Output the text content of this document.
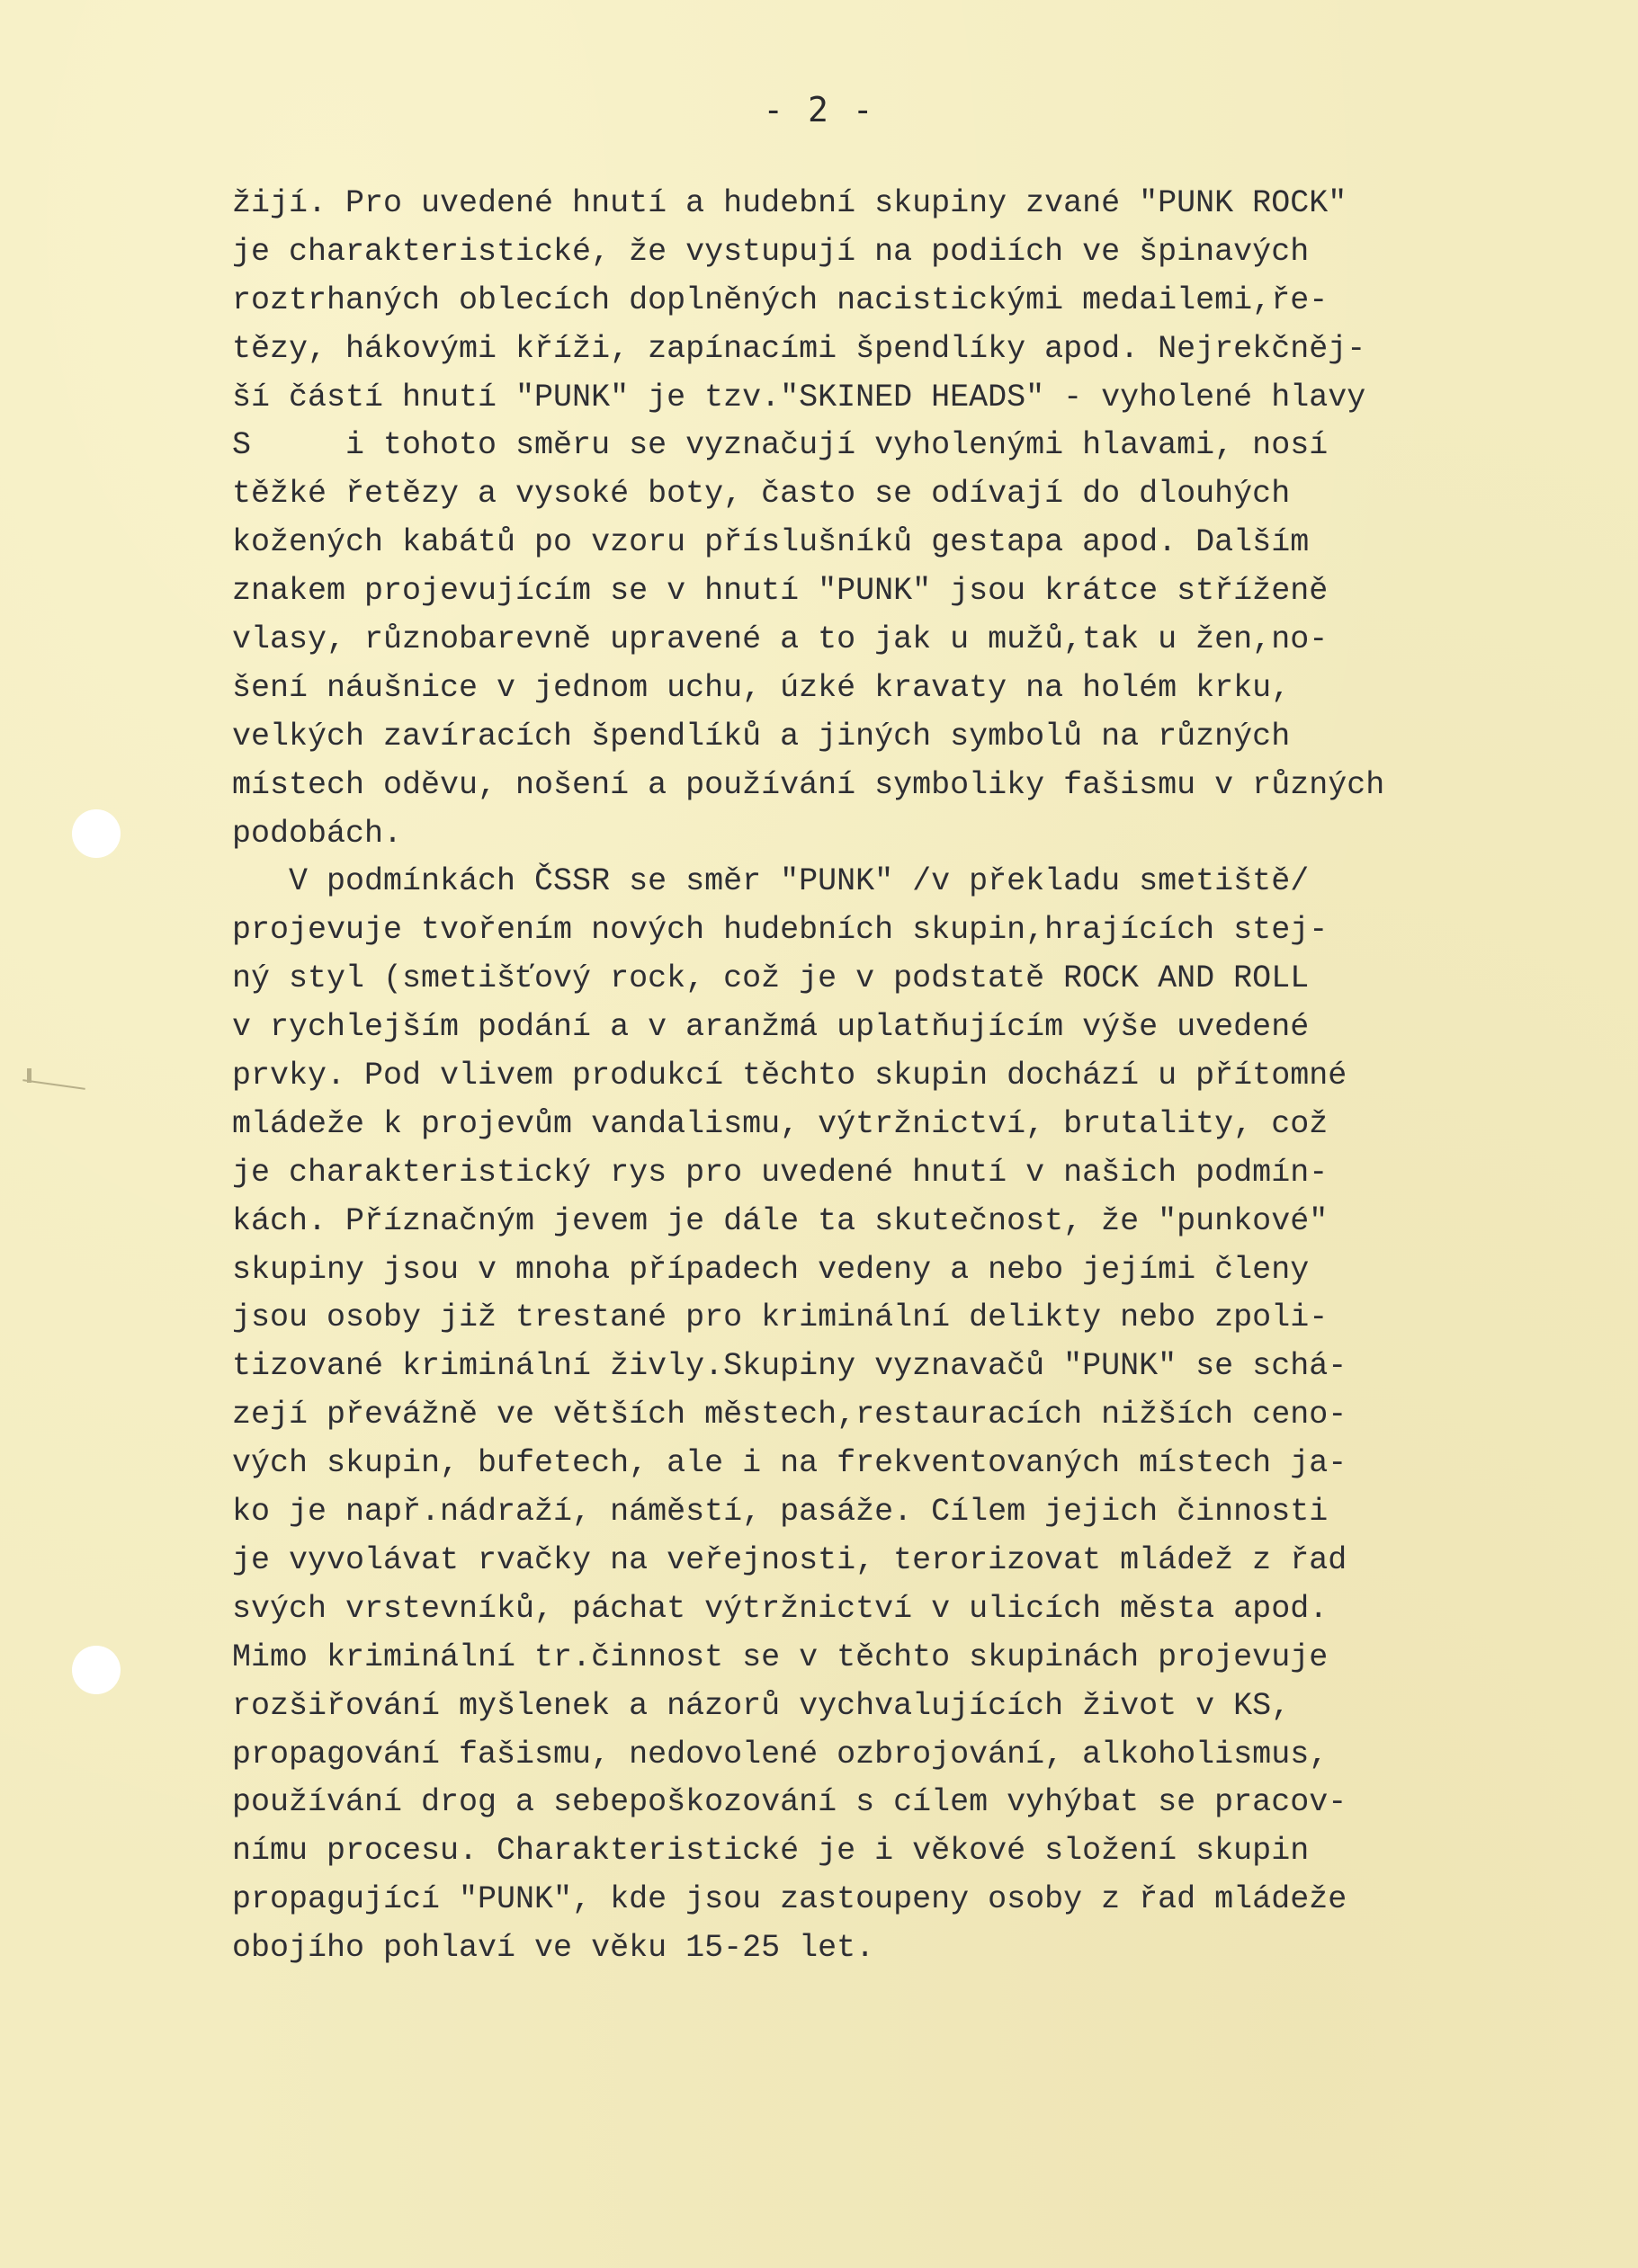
- 2 -
žijí. Pro uvedené hnutí a hudební skupiny zvané "PUNK ROCK"
je charakteristické, že vystupují na podiích ve špinavých
roztrhaných oblecích doplněných nacistickými medailemi,ře-
tězy, hákovými kříži, zapínacími špendlíky apod. Nejrekčněj-
ší částí hnutí "PUNK" je tzv."SKINED HEADS" - vyholené hlavy
S     i tohoto směru se vyznačují vyholenými hlavami, nosí
těžké řetězy a vysoké boty, často se odívají do dlouhých
kožených kabátů po vzoru příslušníků gestapa apod. Dalším
znakem projevujícím se v hnutí "PUNK" jsou krátce stříženě
vlasy, různobarevně upravené a to jak u mužů,tak u žen,no-
šení náušnice v jednom uchu, úzké kravaty na holém krku,
velkých zavíracích špendlíků a jiných symbolů na různých
místech oděvu, nošení a používání symboliky fašismu v různých
podobách.
V podmínkách ČSSR se směr "PUNK" /v překladu smetiště/
projevuje tvořením nových hudebních skupin,hrajících stej-
ný styl (smetišťový rock, což je v podstatě ROCK AND ROLL
v rychlejším podání a v aranžmá uplatňujícím výše uvedené
prvky. Pod vlivem produkcí těchto skupin dochází u přítomné
mládeže k projevům vandalismu, výtržnictví, brutality, což
je charakteristický rys pro uvedené hnutí v našich podmín-
kách. Příznačným jevem je dále ta skutečnost, že "punkové"
skupiny jsou v mnoha případech vedeny a nebo jejími členy
jsou osoby již trestané pro kriminální delikty nebo zpoli-
tizované kriminální živly.Skupiny vyznavačů "PUNK" se schá-
zejí převážně ve větších městech,restauracích nižších ceno-
vých skupin, bufetech, ale i na frekventovaných místech ja-
ko je např.nádraží, náměstí, pasáže. Cílem jejich činnosti
je vyvolávat rvačky na veřejnosti, terorizovat mládež z řad
svých vrstevníků, páchat výtržnictví v ulicích města apod.
Mimo kriminální tr.činnost se v těchto skupinách projevuje
rozšiřování myšlenek a názorů vychvalujících život v KS,
propagování fašismu, nedovolené ozbrojování, alkoholismus,
používání drog a sebepoškozování s cílem vyhýbat se pracov-
nímu procesu. Charakteristické je i věkové složení skupin
propagující "PUNK", kde jsou zastoupeny osoby z řad mládeže
obojího pohlaví ve věku 15-25 let.
